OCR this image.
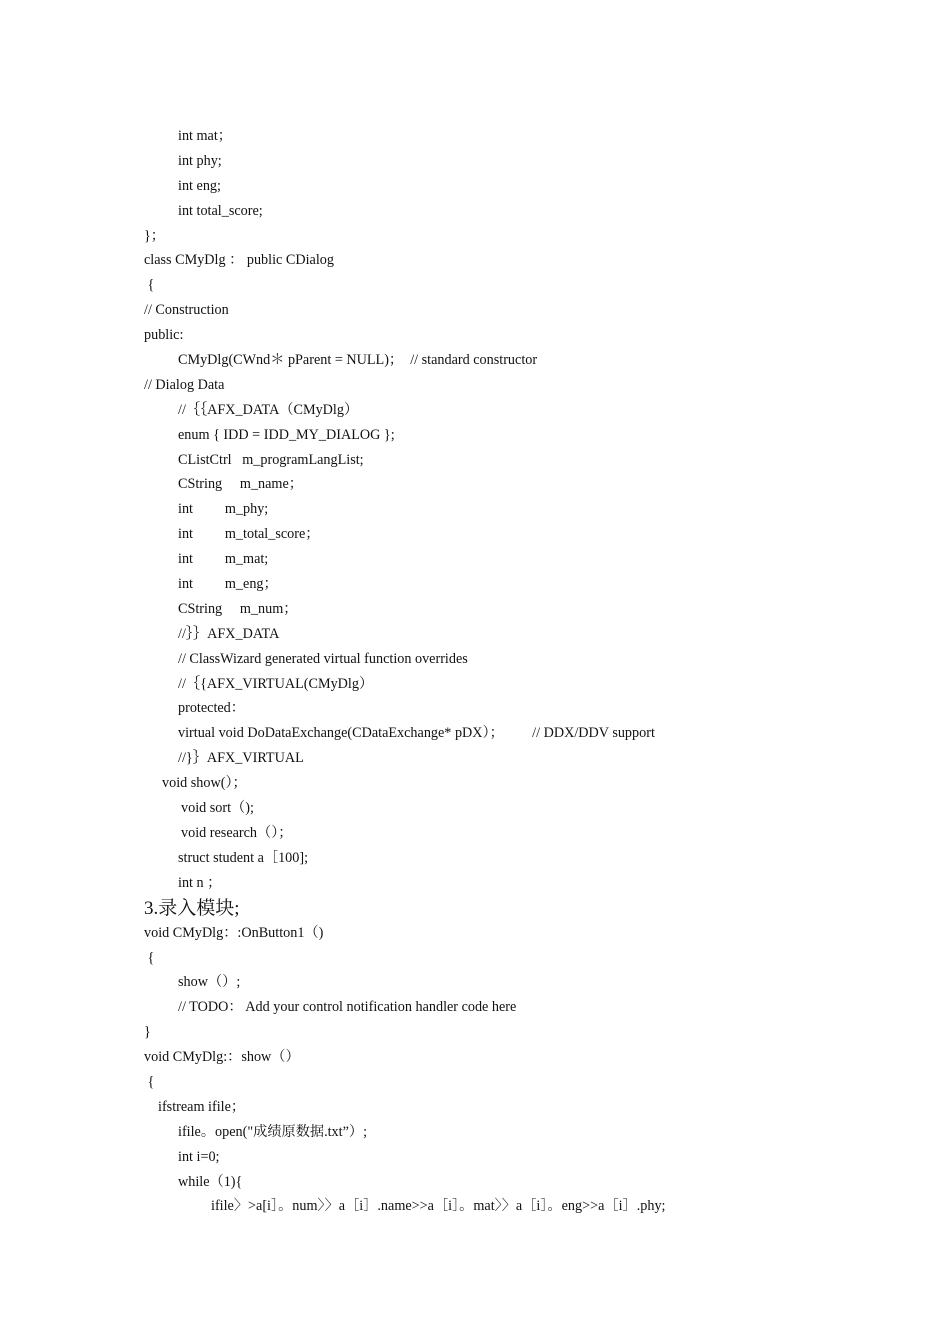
int mat；
int phy;
int eng;
int total_score;
}；
class CMyDlg ： public CDialog
{
// Construction
public:
CMyDlg(CWnd＊ pParent = NULL)；  // standard constructor
// Dialog Data
//｛｛AFX_DATA（CMyDlg）
enum { IDD = IDD_MY_DIALOG };
CListCtrl   m_programLangList;
CString     m_name；
int         m_phy;
int         m_total_score；
int         m_mat;
int         m_eng；
CString     m_num；
//｝｝AFX_DATA
// ClassWizard generated virtual function overrides
//｛{AFX_VIRTUAL(CMyDlg）
protected：
virtual void DoDataExchange(CDataExchange* pDX）；        // DDX/DDV support
//}｝AFX_VIRTUAL
void show(）；
void sort（);
void research（）；
struct student a［100];
int n ；
3.录入模块;
void CMyDlg：:OnButton1（)
{
show（）;
// TODO： Add your control notification handler code here
}
void CMyDlg:：show（）
{
ifstream ifile；
ifile。open("成绩原数据.txt”）;
int i=0;
while（1){
ifile〉>a[i］。num〉〉a［i］.name>>a［i］。mat〉〉a［i］。eng>>a［i］.phy;
